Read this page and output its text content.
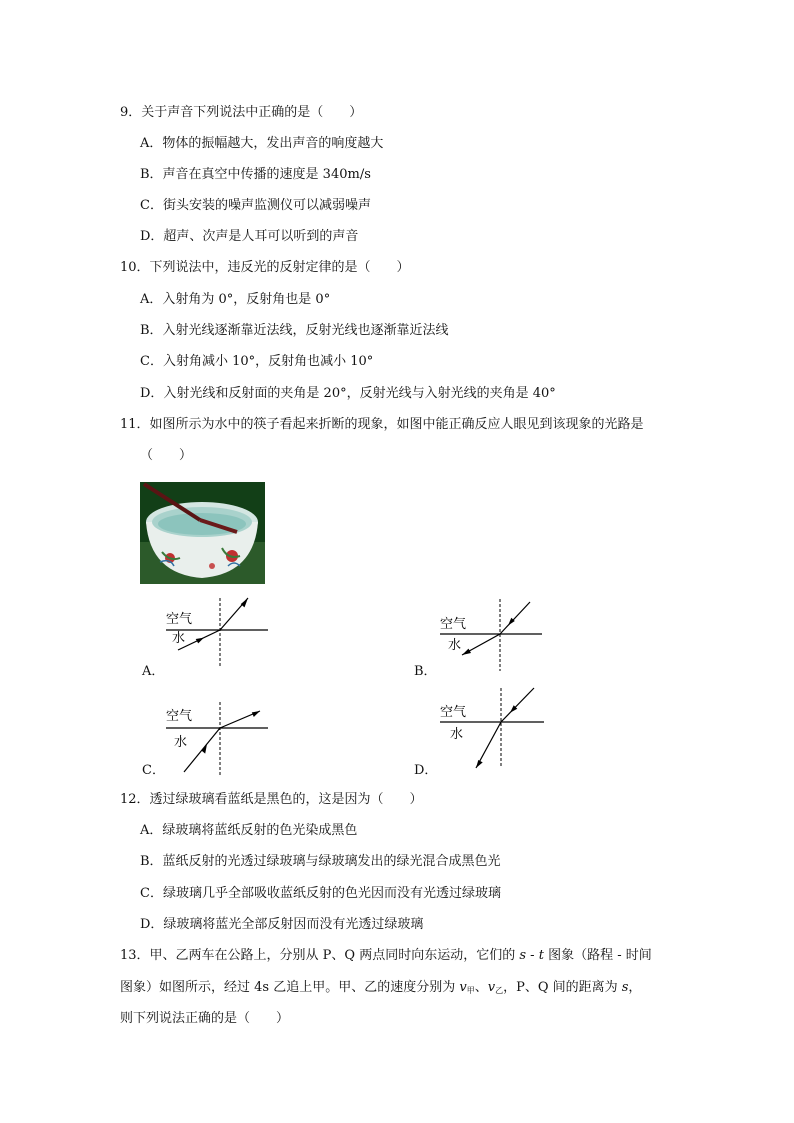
9．关于声音下列说法中正确的是（　　）
A．物体的振幅越大，发出声音的响度越大
B．声音在真空中传播的速度是 340m/s
C．街头安装的噪声监测仪可以减弱噪声
D．超声、次声是人耳可以听到的声音
10．下列说法中，违反光的反射定律的是（　　）
A．入射角为 0°，反射角也是 0°
B．入射光线逐渐靠近法线，反射光线也逐渐靠近法线
C．入射角减小 10°，反射角也减小 10°
D．入射光线和反射面的夹角是 20°，反射光线与入射光线的夹角是 40°
11．如图所示为水中的筷子看起来折断的现象，如图中能正确反应人眼见到该现象的光路是
（　　）
空气
水
A．
空气
水
B．
空气
水
C．
空气
水
D．
12．透过绿玻璃看蓝纸是黑色的，这是因为（　　）
A．绿玻璃将蓝纸反射的色光染成黑色
B．蓝纸反射的光透过绿玻璃与绿玻璃发出的绿光混合成黑色光
C．绿玻璃几乎全部吸收蓝纸反射的色光因而没有光透过绿玻璃
D．绿玻璃将蓝光全部反射因而没有光透过绿玻璃
13．甲、乙两车在公路上，分别从 P、Q 两点同时向东运动，它们的 s - t 图象（路程 - 时间
图象）如图所示，经过 4s 乙追上甲。甲、乙的速度分别为 $v_甲$、$v_乙$，P、Q 间的距离为 s，
则下列说法正确的是（　　）
